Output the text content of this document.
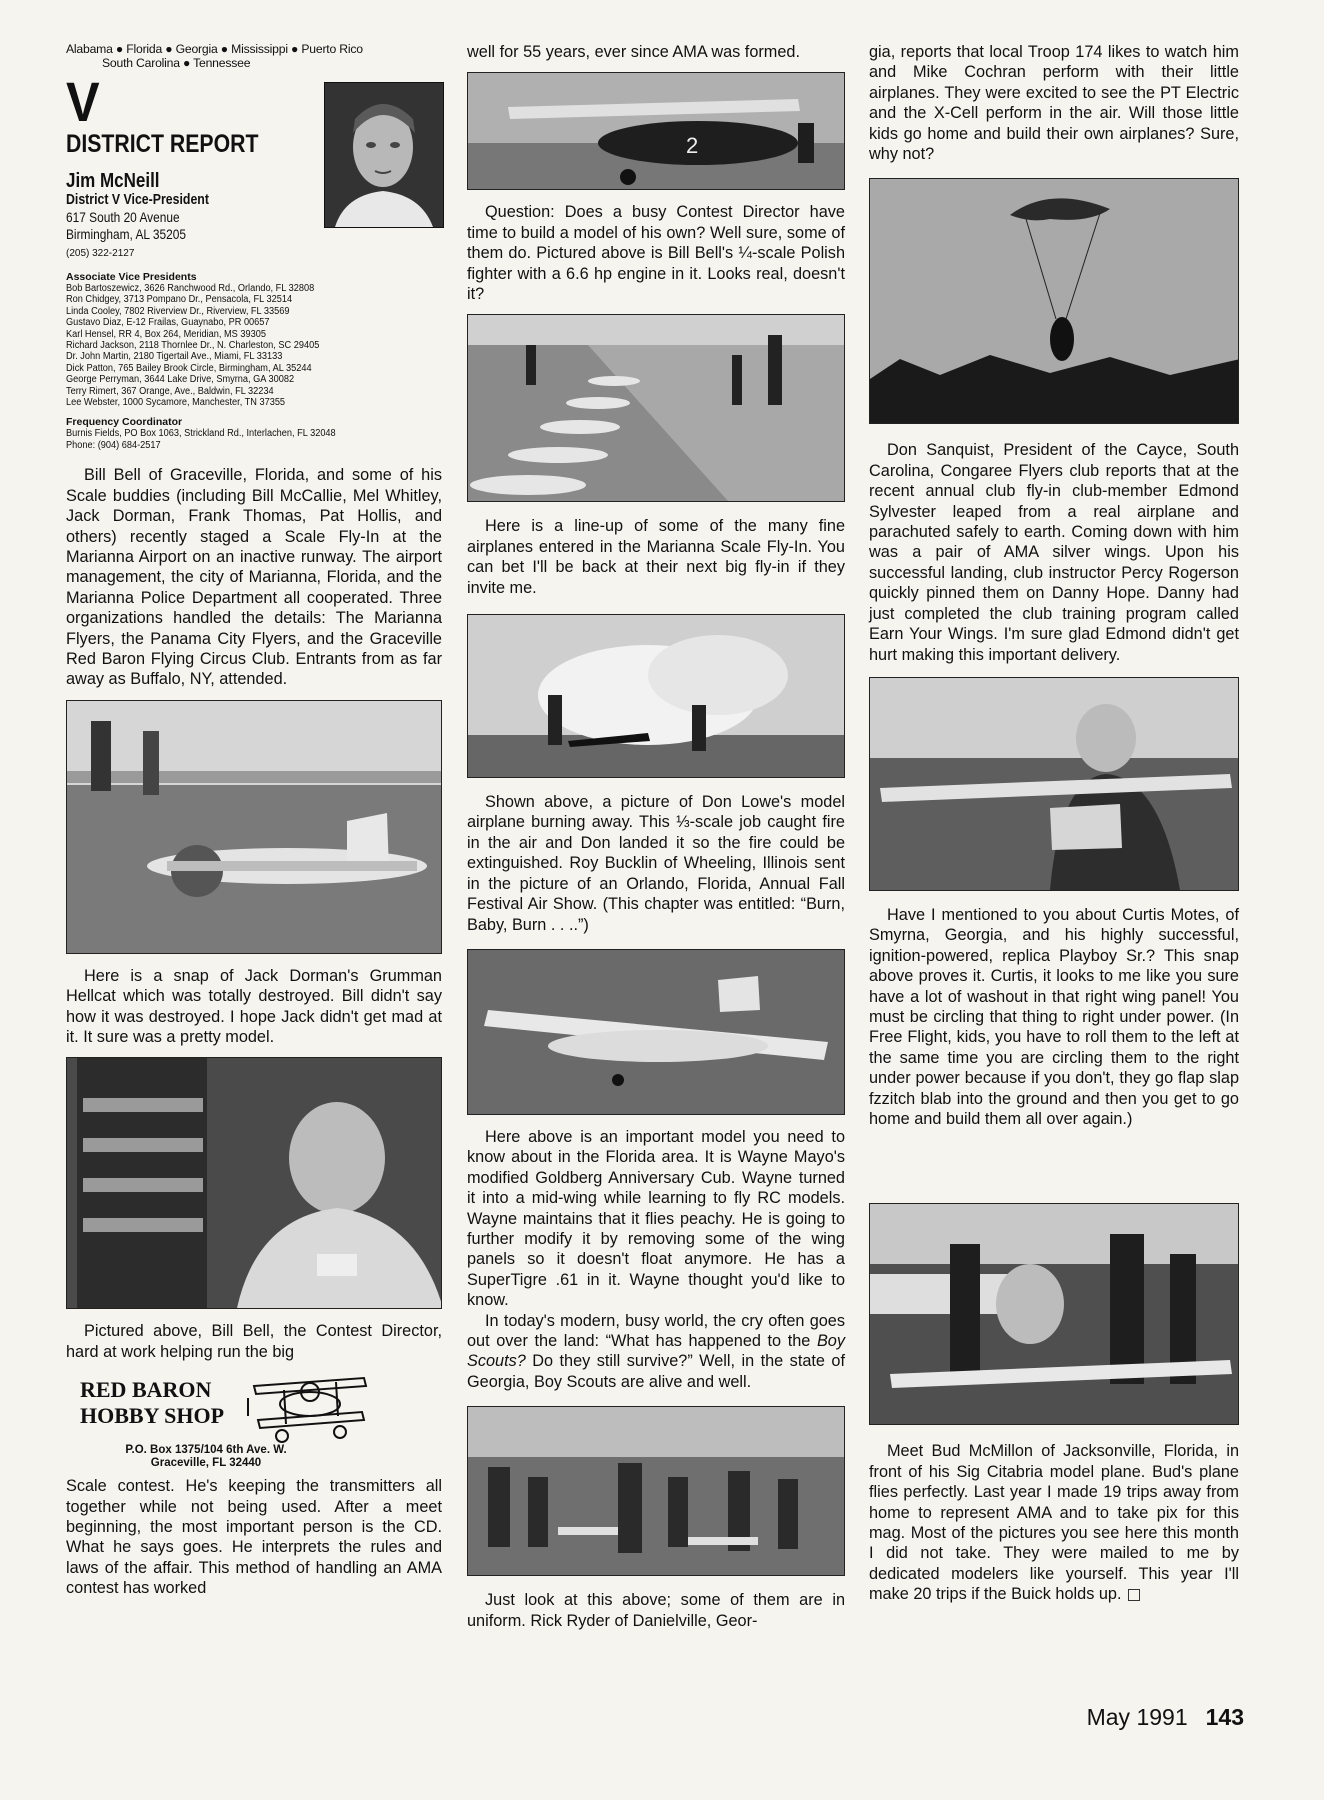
Alabama ● Florida ● Georgia ● Mississippi ● Puerto Rico

South Carolina ● Tennessee

V
DISTRICT REPORT
Jim McNeill
District V Vice-President
617 South 20 Avenue
Birmingham, AL 35205
(205) 322-2127
Associate Vice Presidents
Bob Bartoszewicz, 3626 Ranchwood Rd., Orlando, FL 32808
Ron Chidgey, 3713 Pompano Dr., Pensacola, FL 32514
Linda Cooley, 7802 Riverview Dr., Riverview, FL 33569
Gustavo Diaz, E-12 Frailas, Guaynabo, PR 00657
Karl Hensel, RR 4, Box 264, Meridian, MS 39305
Richard Jackson, 2118 Thornlee Dr., N. Charleston, SC 29405
Dr. John Martin, 2180 Tigertail Ave., Miami, FL 33133
Dick Patton, 765 Bailey Brook Circle, Birmingham, AL 35244
George Perryman, 3644 Lake Drive, Smyrna, GA 30082
Terry Rimert, 367 Orange, Ave., Baldwin, FL 32234
Lee Webster, 1000 Sycamore, Manchester, TN 37355
Frequency Coordinator
Burnis Fields, PO Box 1063, Strickland Rd., Interlachen, FL 32048
Phone: (904) 684-2517

Bill Bell of Graceville, Florida, and some of his Scale buddies (including Bill McCallie, Mel Whitley, Jack Dorman, Frank Thomas, Pat Hollis, and others) recently staged a Scale Fly-In at the Marianna Airport on an inactive runway. The airport management, the city of Marianna, Florida, and the Marianna Police Department all cooperated. Three organizations handled the details: The Marianna Flyers, the Panama City Flyers, and the Graceville Red Baron Flying Circus Club. Entrants from as far away as Buffalo, NY, attended.

Here is a snap of Jack Dorman's Grumman Hellcat which was totally destroyed. Bill didn't say how it was destroyed. I hope Jack didn't get mad at it. It sure was a pretty model.

Pictured above, Bill Bell, the Contest Director, hard at work helping run the big

RED BARON
HOBBY SHOP
P.O. Box 1375/104 6th Ave. W.
Graceville, FL 32440

Scale contest. He's keeping the transmitters all together while not being used. After a meet beginning, the most important person is the CD. What he says goes. He interprets the rules and laws of the affair. This method of handling an AMA contest has worked

well for 55 years, ever since AMA was formed.

2

Question: Does a busy Contest Director have time to build a model of his own? Well sure, some of them do. Pictured above is Bill Bell's ¼-scale Polish fighter with a 6.6 hp engine in it. Looks real, doesn't it?

Here is a line-up of some of the many fine airplanes entered in the Marianna Scale Fly-In. You can bet I'll be back at their next big fly-in if they invite me.

Shown above, a picture of Don Lowe's model airplane burning away. This ⅓-scale job caught fire in the air and Don landed it so the fire could be extinguished. Roy Bucklin of Wheeling, Illinois sent in the picture of an Orlando, Florida, Annual Fall Festival Air Show. (This chapter was entitled: “Burn, Baby, Burn . . ..”)

Here above is an important model you need to know about in the Florida area. It is Wayne Mayo's modified Goldberg Anniversary Cub. Wayne turned it into a mid-wing while learning to fly RC models. Wayne maintains that it flies peachy. He is going to further modify it by removing some of the wing panels so it doesn't float anymore. He has a SuperTigre .61 in it. Wayne thought you'd like to know.

In today's modern, busy world, the cry often goes out over the land: “What has happened to the Boy Scouts? Do they still survive?” Well, in the state of Georgia, Boy Scouts are alive and well.

Just look at this above; some of them are in uniform. Rick Ryder of Danielville, Geor-

gia, reports that local Troop 174 likes to watch him and Mike Cochran perform with their little airplanes. They were excited to see the PT Electric and the X-Cell perform in the air. Will those little kids go home and build their own airplanes? Sure, why not?

Don Sanquist, President of the Cayce, South Carolina, Congaree Flyers club reports that at the recent annual club fly-in club-member Edmond Sylvester leaped from a real airplane and parachuted safely to earth. Coming down with him was a pair of AMA silver wings. Upon his successful landing, club instructor Percy Rogerson quickly pinned them on Danny Hope. Danny had just completed the club training program called Earn Your Wings. I'm sure glad Edmond didn't get hurt making this important delivery.

Have I mentioned to you about Curtis Motes, of Smyrna, Georgia, and his highly successful, ignition-powered, replica Playboy Sr.? This snap above proves it. Curtis, it looks to me like you sure have a lot of washout in that right wing panel! You must be circling that thing to right under power. (In Free Flight, kids, you have to roll them to the left at the same time you are circling them to the right under power because if you don't, they go flap slap fzzitch blab into the ground and then you get to go home and build them all over again.)

Meet Bud McMillon of Jacksonville, Florida, in front of his Sig Citabria model plane. Bud's plane flies perfectly. Last year I made 19 trips away from home to represent AMA and to take pix for this mag. Most of the pictures you see here this month I did not take. They were mailed to me by dedicated modelers like yourself. This year I'll make 20 trips if the Buick holds up.

May 1991 143
